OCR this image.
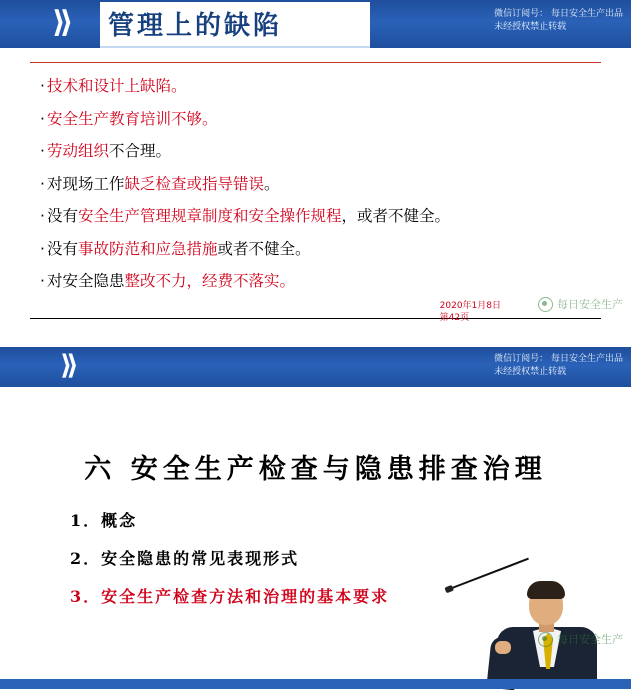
⟩⟩ 管理上的缺陷	微信订阅号： 每日安全生产出品
未经授权禁止转载
· 技术和设计上缺陷。
· 安全生产教育培训不够。
· 劳动组织不合理。
· 对现场工作缺乏检查或指导错误。
· 没有安全生产管理规章制度和安全操作规程，或者不健全。
· 没有事故防范和应急措施或者不健全。
· 对安全隐患整改不力，经费不落实。
2020年1月8日
第42页
每日安全生产
⟩⟩	微信订阅号： 每日安全生产出品
未经授权禁止转载
六 安全生产检查与隐患排查治理
1．概念
2．安全隐患的常见表现形式
3．安全生产检查方法和治理的基本要求
每日安全生产
